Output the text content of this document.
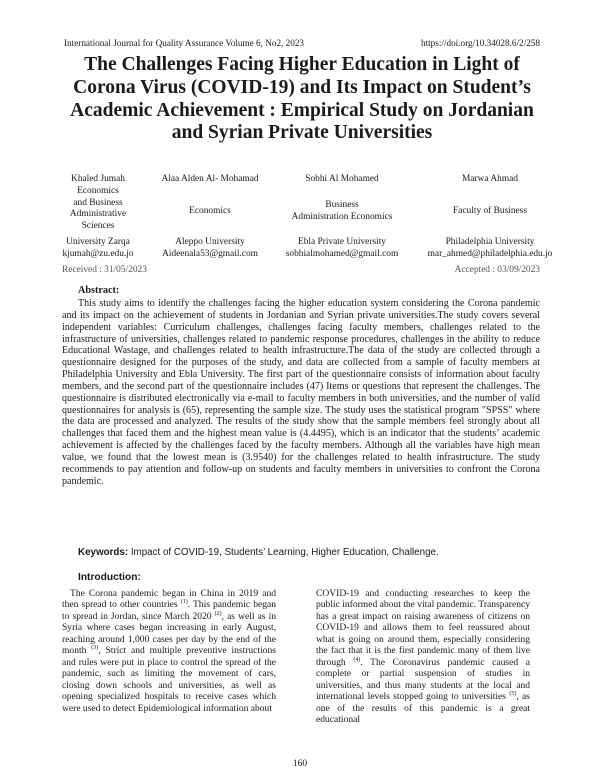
International Journal for Quality Assurance Volume 6, No2, 2023	https://doi.org/10.34028.6/2/258
The Challenges Facing Higher Education in Light of Corona Virus (COVID-19) and Its Impact on Student’s Academic Achievement : Empirical Study on Jordanian and Syrian Private Universities
Khaled Jumah
Economics
and Business
Administrative
Sciences
University Zarqa
kjumah@zu.edu.jo
Alaa Alden Al- Mohamad
Economics
Aleppo University
Aideenala53@gmail.com
Sobhi Al Mohamed
Business
Administration Economics
Ebla Private University
sobhialmohamed@gmail.com
Marwa Ahmad
Faculty of Business
Philadelphia University
mar_ahmed@philadelphia.edu.jo
Received : 31/05/2023	Accepted : 03/09/2023
Abstract:

This study aims to identify the challenges facing the higher education system considering the Corona pandemic and its impact on the achievement of students in Jordanian and Syrian private universities.The study covers several independent variables: Curriculum challenges, challenges facing faculty members, challenges related to the infrastructure of universities, challenges related to pandemic response procedures, challenges in the ability to reduce Educational Wastage, and challenges related to health infrastructure.The data of the study are collected through a questionnaire designed for the purposes of the study, and data are collected from a sample of faculty members at Philadelphia University and Ebla University. The first part of the questionnaire consists of information about faculty members, and the second part of the questionnaire includes (47) Items or questions that represent the challenges. The questionnaire is distributed electronically via e-mail to faculty members in both universities, and the number of valid questionnaires for analysis is (65), representing the sample size. The study uses the statistical program "SPSS" where the data are processed and analyzed. The results of the study show that the sample members feel strongly about all challenges that faced them and the highest mean value is (4.4495), which is an indicator that the students’ academic achievement is affected by the challenges faced by the faculty members. Although all the variables have high mean value, we found that the lowest mean is (3.9540) for the challenges related to health infrastructure. The study recommends to pay attention and follow-up on students and faculty members in universities to confront the Corona pandemic.

Keywords: Impact of COVID-19, Students’ Learning, Higher Education, Challenge.
Introduction:

The Corona pandemic began in China in 2019 and then spread to other countries $^{(1)}$. This pandemic began to spread in Jordan, since March 2020 $^{(2)}$, as well as in Syria where cases began increasing in early August, reaching around 1,000 cases per day by the end of the month $^{(3)}$, Strict and multiple preventive instructions and rules were put in place to control the spread of the pandemic, such as limiting the movement of cars, closing down schools and universities, as well as opening specialized hospitals to receive cases which were used to detect Epidemiological information about

COVID-19 and conducting researches to keep the public informed about the vital pandemic. Transparency has a great impact on raising awareness of citizens on COVID-19 and allows them to feel reassured about what is going on around them, especially considering the fact that it is the first pandemic many of them live through $^{(4)}$. The Coronavirus pandemic caused a complete or partial suspension of studies in universities, and thus many students at the local and international levels stopped going to universities $^{(5)}$, as one of the results of this pandemic is a great educational

160
